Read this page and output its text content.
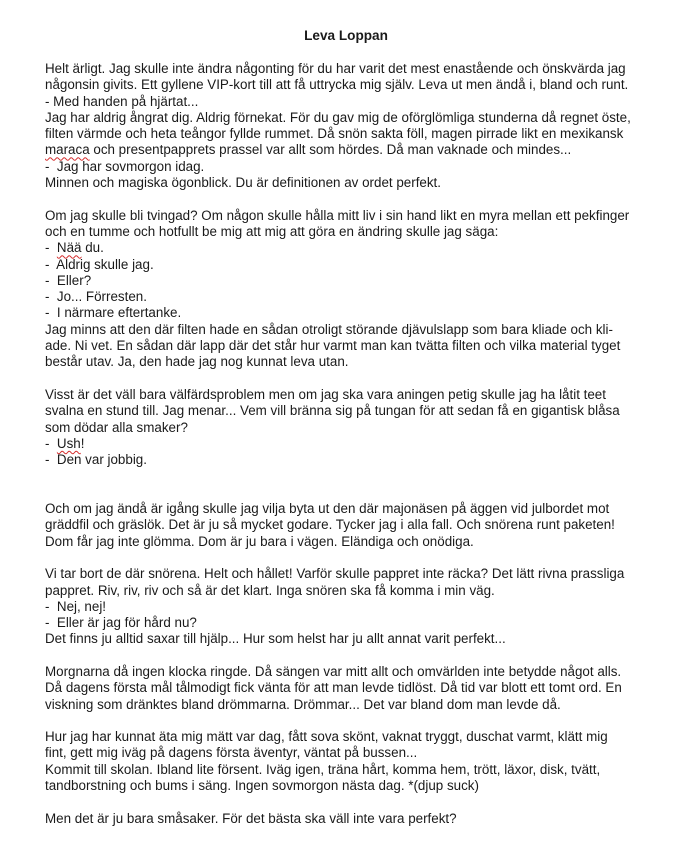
Leva Loppan
Helt ärligt. Jag skulle inte ändra någonting för du har varit det mest enastående och önskvärda jag
någonsin givits. Ett gyllene VIP-kort till att få uttrycka mig själv. Leva ut men ändå i, bland och runt.
- Med handen på hjärtat...
Jag har aldrig ångrat dig. Aldrig förnekat. För du gav mig de oförglömliga stunderna då regnet öste,
filten värmde och heta teångor fyllde rummet. Då snön sakta föll, magen pirrade likt en mexikansk
maraca och presentpapprets prassel var allt som hördes. Då man vaknade och mindes...
-  Jag har sovmorgon idag.
Minnen och magiska ögonblick. Du är definitionen av ordet perfekt.
Om jag skulle bli tvingad? Om någon skulle hålla mitt liv i sin hand likt en myra mellan ett pekfinger
och en tumme och hotfullt be mig att mig att göra en ändring skulle jag säga:
-  Nää du.
-  Aldrig skulle jag.
-  Eller?
-  Jo... Förresten.
-  I närmare eftertanke.
Jag minns att den där filten hade en sådan otroligt störande djävulslapp som bara kliade och kli-
ade. Ni vet. En sådan där lapp där det står hur varmt man kan tvätta filten och vilka material tyget
består utav. Ja, den hade jag nog kunnat leva utan.
Visst är det väll bara välfärdsproblem men om jag ska vara aningen petig skulle jag ha låtit teet
svalna en stund till. Jag menar... Vem vill bränna sig på tungan för att sedan få en gigantisk blåsa
som dödar alla smaker?
-  Ush!
-  Den var jobbig.
Och om jag ändå är igång skulle jag vilja byta ut den där majonäsen på äggen vid julbordet mot
gräddfil och gräslök. Det är ju så mycket godare. Tycker jag i alla fall. Och snörena runt paketen!
Dom får jag inte glömma. Dom är ju bara i vägen. Eländiga och onödiga.
Vi tar bort de där snörena. Helt och hållet! Varför skulle pappret inte räcka? Det lätt rivna prassliga
pappret. Riv, riv, riv och så är det klart. Inga snören ska få komma i min väg.
-  Nej, nej!
-  Eller är jag för hård nu?
Det finns ju alltid saxar till hjälp... Hur som helst har ju allt annat varit perfekt...
Morgnarna då ingen klocka ringde. Då sängen var mitt allt och omvärlden inte betydde något alls.
Då dagens första mål tålmodigt fick vänta för att man levde tidlöst. Då tid var blott ett tomt ord. En
viskning som dränktes bland drömmarna. Drömmar... Det var bland dom man levde då.
Hur jag har kunnat äta mig mätt var dag, fått sova skönt, vaknat tryggt, duschat varmt, klätt mig
fint, gett mig iväg på dagens första äventyr, väntat på bussen...
Kommit till skolan. Ibland lite försent. Iväg igen, träna hårt, komma hem, trött, läxor, disk, tvätt,
tandborstning och bums i säng. Ingen sovmorgon nästa dag. *(djup suck)
Men det är ju bara småsaker. För det bästa ska väll inte vara perfekt?
